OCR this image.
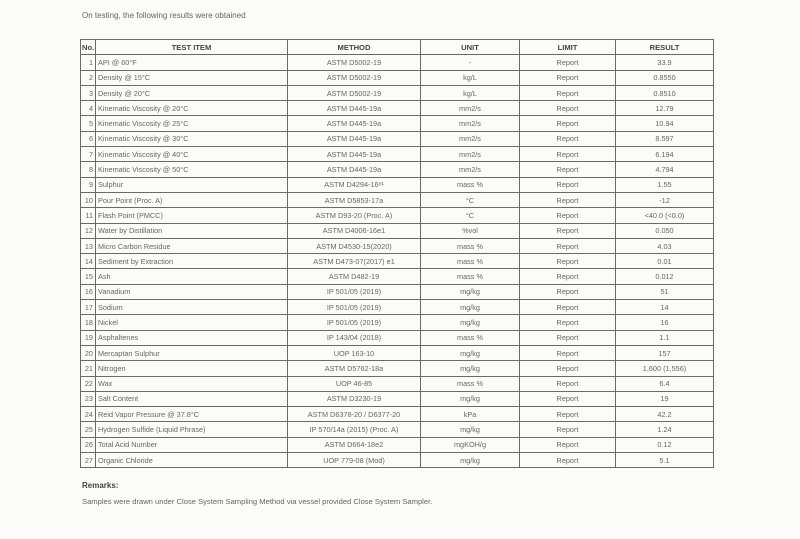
On testing, the following results were obtained

No.	TEST ITEM	METHOD	UNIT	LIMIT	RESULT
1	API @ 60°F	ASTM D5002-19	-	Report	33.9
2	Density @ 15°C	ASTM D5002-19	kg/L	Report	0.8550
3	Density @ 20°C	ASTM D5002-19	kg/L	Report	0.8510
4	Kinematic Viscosity @ 20°C	ASTM D445-19a	mm2/s	Report	12.79
5	Kinematic Viscosity @ 25°C	ASTM D445-19a	mm2/s	Report	10.94
6	Kinematic Viscosity @ 30°C	ASTM D445-19a	mm2/s	Report	8.597
7	Kinematic Viscosity @ 40°C	ASTM D445-19a	mm2/s	Report	6.194
8	Kinematic Viscosity @ 50°C	ASTM D445-19a	mm2/s	Report	4.794
9	Sulphur	ASTM D4294-16ᵉ¹	mass %	Report	1.55
10	Pour Point (Proc. A)	ASTM D5853-17a	°C	Report	-12
11	Flash Point (PMCC)	ASTM D93-20 (Proc. A)	°C	Report	<40.0 (<0.0)
12	Water by Distillation	ASTM D4006-16e1	%vol	Report	0.050
13	Micro Carbon Residue	ASTM D4530-15(2020)	mass %	Report	4.03
14	Sediment by Extraction	ASTM D473-07(2017) e1	mass %	Report	0.01
15	Ash	ASTM D482-19	mass %	Report	0.012
16	Vanadium	IP 501/05 (2019)	mg/kg	Report	51
17	Sodium	IP 501/05 (2019)	mg/kg	Report	14
18	Nickel	IP 501/05 (2019)	mg/kg	Report	16
19	Asphaltenes	IP 143/04 (2018)	mass %	Report	1.1
20	Mercaptan Sulphur	UOP 163-10	mg/kg	Report	157
21	Nitrogen	ASTM D5762-18a	mg/kg	Report	1,600 (1,556)
22	Wax	UOP 46-85	mass %	Report	6.4
23	Salt Content	ASTM D3230-19	mg/kg	Report	19
24	Reid Vapor Pressure @ 37.8°C	ASTM D6378-20 / D6377-20	kPa	Report	42.2
25	Hydrogen Sulfide (Liquid Phrase)	IP 570/14a (2015) (Proc. A)	mg/kg	Report	1.24
26	Total Acid Number	ASTM D664-18e2	mgKOH/g	Report	0.12
27	Organic Chloride	UOP 779-08 (Mod)	mg/kg	Report	5.1

Remarks:

Samples were drawn under Close System Sampling Method via vessel provided Close System Sampler.
